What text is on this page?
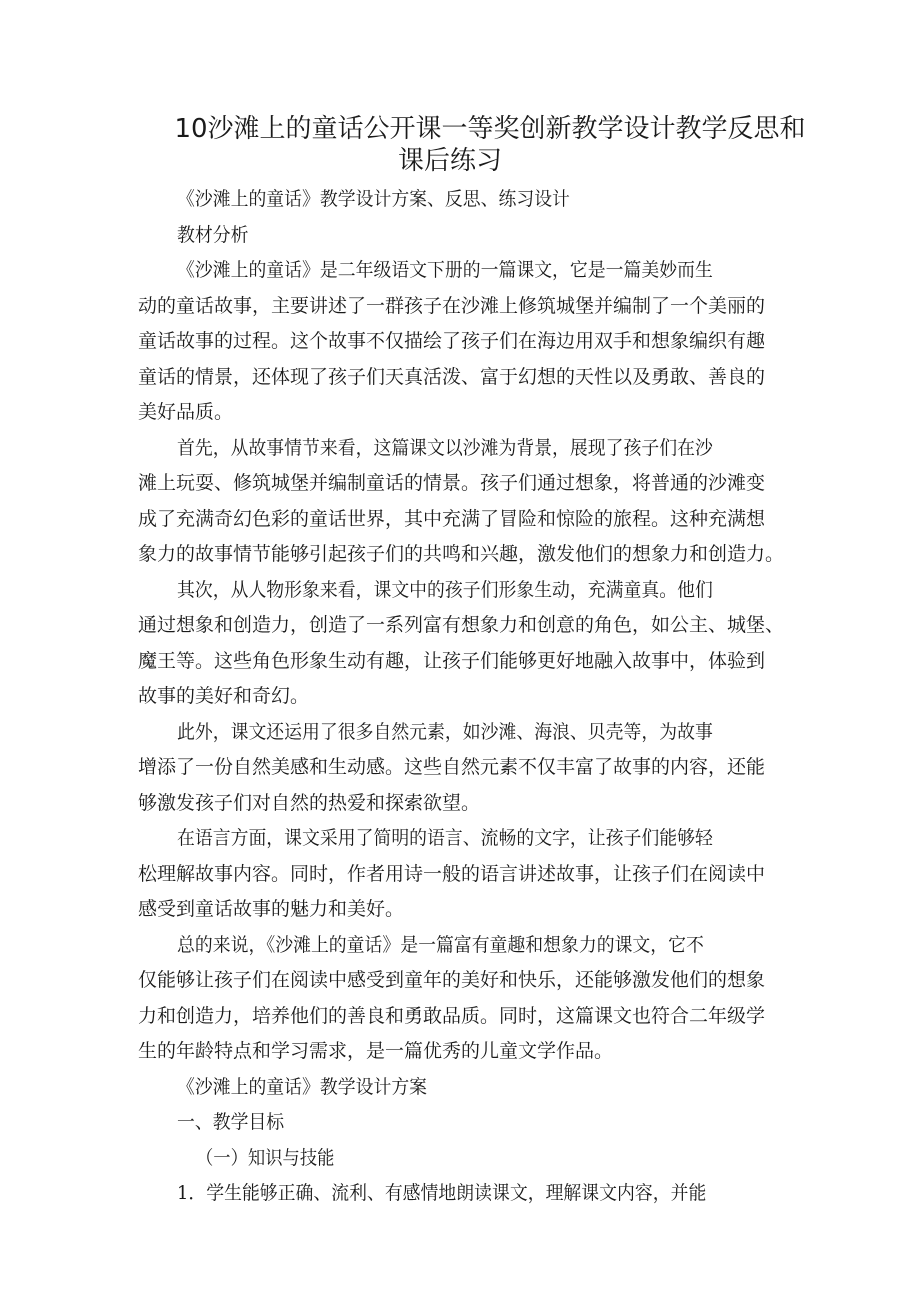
10沙滩上的童话公开课一等奖创新教学设计教学反思和
课后练习

《沙滩上的童话》教学设计方案、反思、练习设计

教材分析

《沙滩上的童话》是二年级语文下册的一篇课文，它是一篇美妙而生

动的童话故事，主要讲述了一群孩子在沙滩上修筑城堡并编制了一个美丽的

童话故事的过程。这个故事不仅描绘了孩子们在海边用双手和想象编织有趣

童话的情景，还体现了孩子们天真活泼、富于幻想的天性以及勇敢、善良的

美好品质。

首先，从故事情节来看，这篇课文以沙滩为背景，展现了孩子们在沙

滩上玩耍、修筑城堡并编制童话的情景。孩子们通过想象，将普通的沙滩变

成了充满奇幻色彩的童话世界，其中充满了冒险和惊险的旅程。这种充满想

象力的故事情节能够引起孩子们的共鸣和兴趣，激发他们的想象力和创造力。

其次，从人物形象来看，课文中的孩子们形象生动，充满童真。他们

通过想象和创造力，创造了一系列富有想象力和创意的角色，如公主、城堡、

魔王等。这些角色形象生动有趣，让孩子们能够更好地融入故事中，体验到

故事的美好和奇幻。

此外，课文还运用了很多自然元素，如沙滩、海浪、贝壳等，为故事

增添了一份自然美感和生动感。这些自然元素不仅丰富了故事的内容，还能

够激发孩子们对自然的热爱和探索欲望。

在语言方面，课文采用了简明的语言、流畅的文字，让孩子们能够轻

松理解故事内容。同时，作者用诗一般的语言讲述故事，让孩子们在阅读中

感受到童话故事的魅力和美好。

总的来说，《沙滩上的童话》是一篇富有童趣和想象力的课文，它不

仅能够让孩子们在阅读中感受到童年的美好和快乐，还能够激发他们的想象

力和创造力，培养他们的善良和勇敢品质。同时，这篇课文也符合二年级学

生的年龄特点和学习需求，是一篇优秀的儿童文学作品。

《沙滩上的童话》教学设计方案

一、教学目标

（一）知识与技能

1．学生能够正确、流利、有感情地朗读课文，理解课文内容，并能
